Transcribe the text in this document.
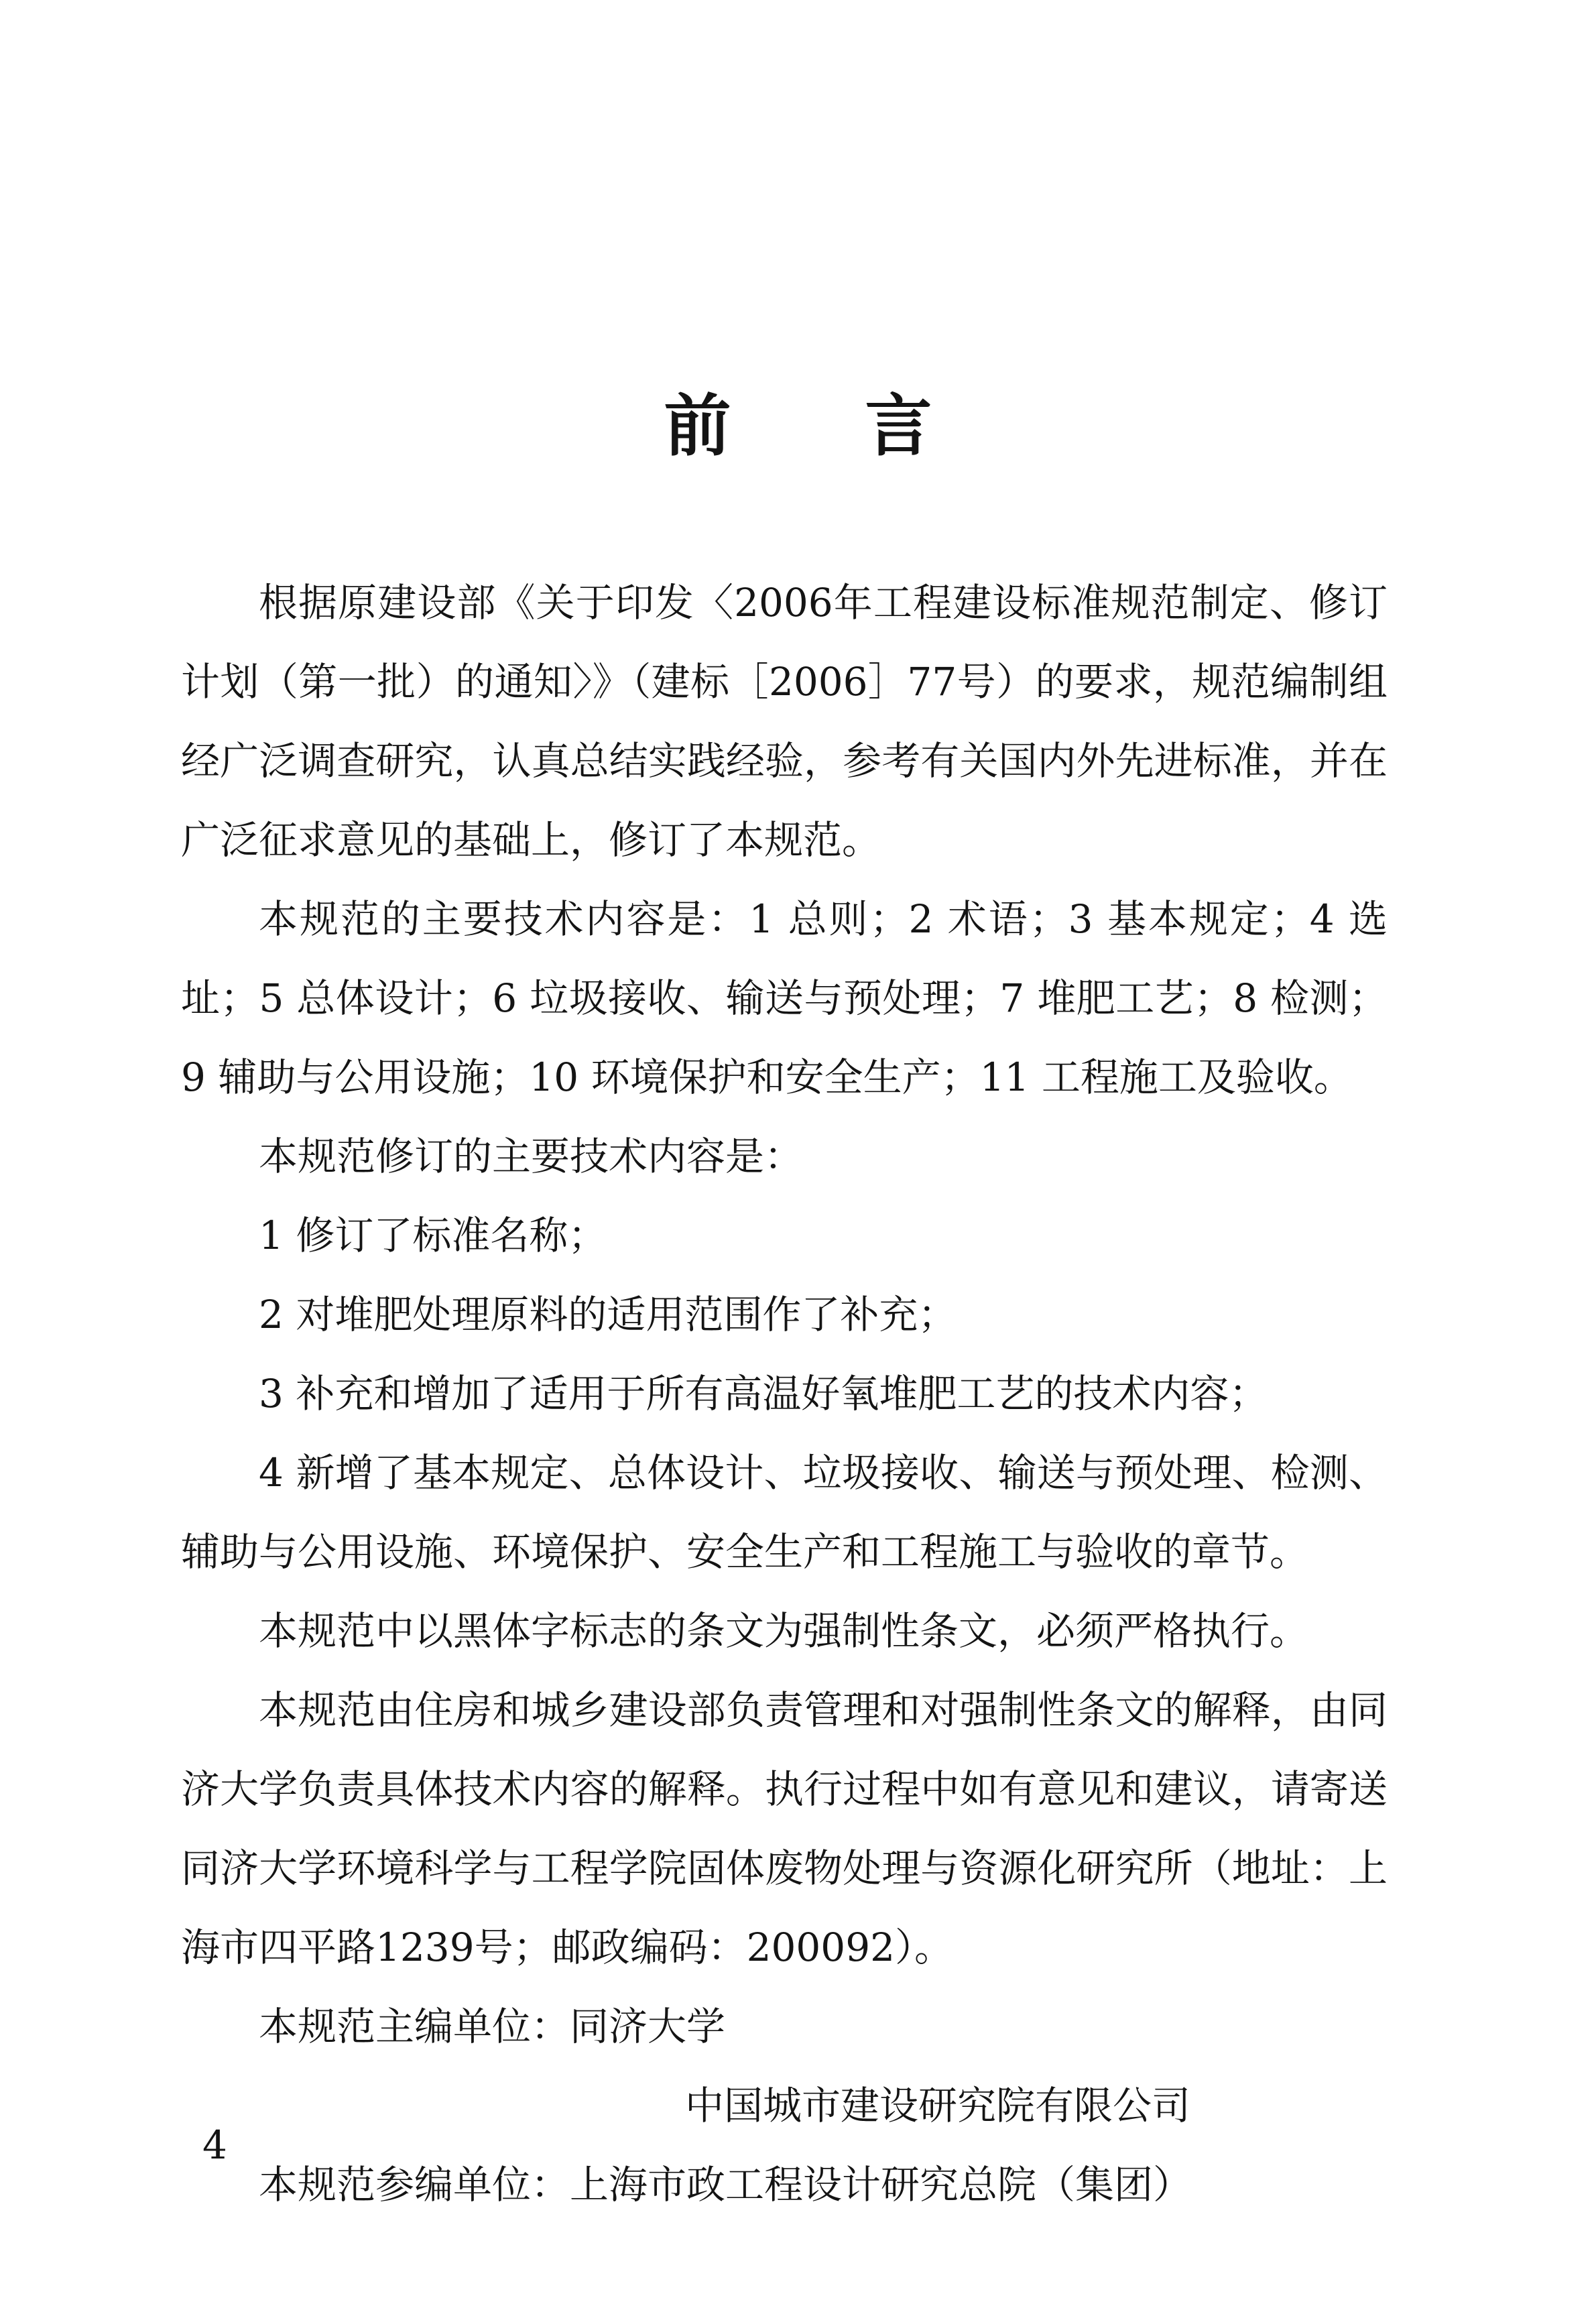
前言

根据原建设部《关于印发〈2006年工程建设标准规范制定、修订计划（第一批）的通知〉》（建标［2006］77号）的要求，规范编制组经广泛调查研究，认真总结实践经验，参考有关国内外先进标准，并在广泛征求意见的基础上，修订了本规范。

本规范的主要技术内容是：1 总则；2 术语；3 基本规定；4 选址；5 总体设计；6 垃圾接收、输送与预处理；7 堆肥工艺；8 检测；9 辅助与公用设施；10 环境保护和安全生产；11 工程施工及验收。

本规范修订的主要技术内容是：

1 修订了标准名称；

2 对堆肥处理原料的适用范围作了补充；

3 补充和增加了适用于所有高温好氧堆肥工艺的技术内容；

4 新增了基本规定、总体设计、垃圾接收、输送与预处理、检测、辅助与公用设施、环境保护、安全生产和工程施工与验收的章节。

本规范中以黑体字标志的条文为强制性条文，必须严格执行。

本规范由住房和城乡建设部负责管理和对强制性条文的解释，由同济大学负责具体技术内容的解释。执行过程中如有意见和建议，请寄送同济大学环境科学与工程学院固体废物处理与资源化研究所（地址：上海市四平路1239号；邮政编码：200092）。

本规范主编单位：同济大学
中国城市建设研究院有限公司
本规范参编单位：上海市政工程设计研究总院（集团）
4
